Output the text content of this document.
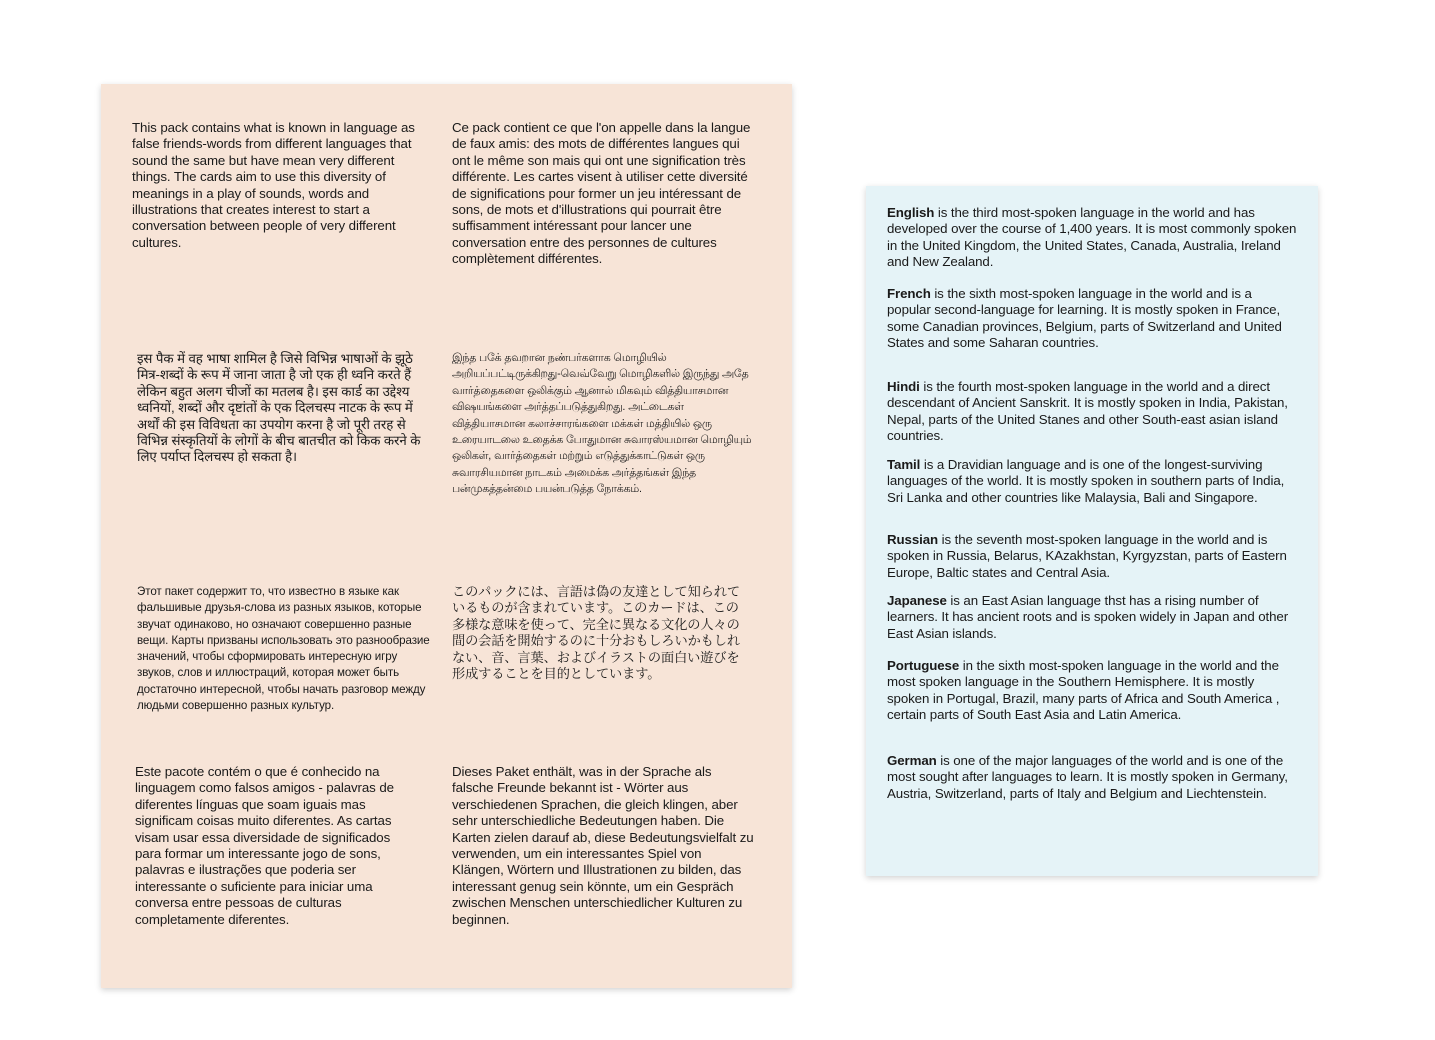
This pack contains what is known in language as false friends-words from different languages that sound the same but have mean very different things. The cards aim to use this diversity of meanings in a play of sounds, words and illustrations that creates interest to start a conversation between people of very different cultures.
Ce pack contient ce que l'on appelle dans la langue de faux amis: des mots de différentes langues qui ont le même son mais qui ont une signification très différente. Les cartes visent à utiliser cette diversité de significations pour former un jeu intéressant de sons, de mots et d'illustrations qui pourrait être suffisamment intéressant pour lancer une conversation entre des personnes de cultures complètement différentes.
इस पैक में वह भाषा शामिल है जिसे विभिन्न भाषाओं के झूठे मित्र-शब्दों के रूप में जाना जाता है जो एक ही ध्वनि करते हैं लेकिन बहुत अलग चीजों का मतलब है। इस कार्ड का उद्देश्य ध्वनियों, शब्दों और दृष्टांतों के एक दिलचस्प नाटक के रूप में अर्थों की इस विविधता का उपयोग करना है जो पूरी तरह से विभिन्न संस्कृतियों के लोगों के बीच बातचीत को किक करने के लिए पर्याप्त दिलचस्प हो सकता है।
இந்த பகே் தவறான நண்பர்களாக மொழியில் அறியப்பட்டிருக்கிறது-வெவ்வேறு மொழிகளில் இருந்து அதே வார்த்தைகளை ஒலிக்கும் ஆனால் மிகவும் வித்தியாசமான விஷயங்களை அர்த்தப்படுத்துகிறது. அட்டைகள் வித்தியாசமான கலாச்சாரங்களை மக்கள் மத்தியில் ஒரு உரையாடலை உதைக்க போதுமான சுவாரஸ்யமான மொழியும் ஒலிகள், வார்த்தைகள் மற்றும் எடுத்துக்காட்டுகள் ஒரு சுவாரசியமான நாடகம் அமைக்க அர்த்தங்கள் இந்த பன்முகத்தன்மை பயன்படுத்த நோக்கம்.
Этот пакет содержит то, что известно в языке как фальшивые друзья-слова из разных языков, которые звучат одинаково, но означают совершенно разные вещи. Карты призваны использовать это разнообразие значений, чтобы сформировать интересную игру звуков, слов и иллюстраций, которая может быть достаточно интересной, чтобы начать разговор между людьми совершенно разных культур.
このパックには、言語は偽の友達として知られているものが含まれています。このカードは、この多様な意味を使って、完全に異なる文化の人々の間の会話を開始するのに十分おもしろいかもしれない、音、言葉、およびイラストの面白い遊びを形成することを目的としています。
Este pacote contém o que é conhecido na linguagem como falsos amigos - palavras de diferentes línguas que soam iguais mas significam coisas muito diferentes. As cartas visam usar essa diversidade de significados para formar um interessante jogo de sons, palavras e ilustrações que poderia ser interessante o suficiente para iniciar uma conversa entre pessoas de culturas completamente diferentes.
Dieses Paket enthält, was in der Sprache als falsche Freunde bekannt ist - Wörter aus verschiedenen Sprachen, die gleich klingen, aber sehr unterschiedliche Bedeutungen haben. Die Karten zielen darauf ab, diese Bedeutungsvielfalt zu verwenden, um ein interessantes Spiel von Klängen, Wörtern und Illustrationen zu bilden, das interessant genug sein könnte, um ein Gespräch zwischen Menschen unterschiedlicher Kulturen zu beginnen.
English is the third most-spoken language in the world and has developed over the course of 1,400 years. It is most commonly spoken in the United Kingdom, the United States, Canada, Australia, Ireland and New Zealand.
French is the sixth most-spoken language in the world and is a popular second-language for learning. It is mostly spoken in France, some Canadian provinces, Belgium, parts of Switzerland and United States and some Saharan countries.
Hindi is the fourth most-spoken language in the world and a direct descendant of Ancient Sanskrit. It is mostly spoken in India, Pakistan, Nepal, parts of the United Stanes and other South-east asian island countries.
Tamil is a Dravidian language and is one of the longest-surviving languages of the world. It is mostly spoken in southern parts of India, Sri Lanka and other countries like Malaysia, Bali and Singapore.
Russian is the seventh most-spoken language in the world and is spoken in Russia, Belarus, KAzakhstan, Kyrgyzstan, parts of Eastern Europe, Baltic states and Central Asia.
Japanese is an East Asian language thst has a rising number of learners. It has ancient roots and is spoken widely in Japan and other East Asian islands.
Portuguese in the sixth most-spoken language in the world and the most spoken language in the Southern Hemisphere. It is mostly spoken in Portugal, Brazil, many parts of Africa and South America , certain parts of South East Asia and Latin America.
German is one of the major languages of the world and is one of the most sought after languages to learn. It is mostly spoken in Germany, Austria, Switzerland, parts of Italy and Belgium and Liechtenstein.
